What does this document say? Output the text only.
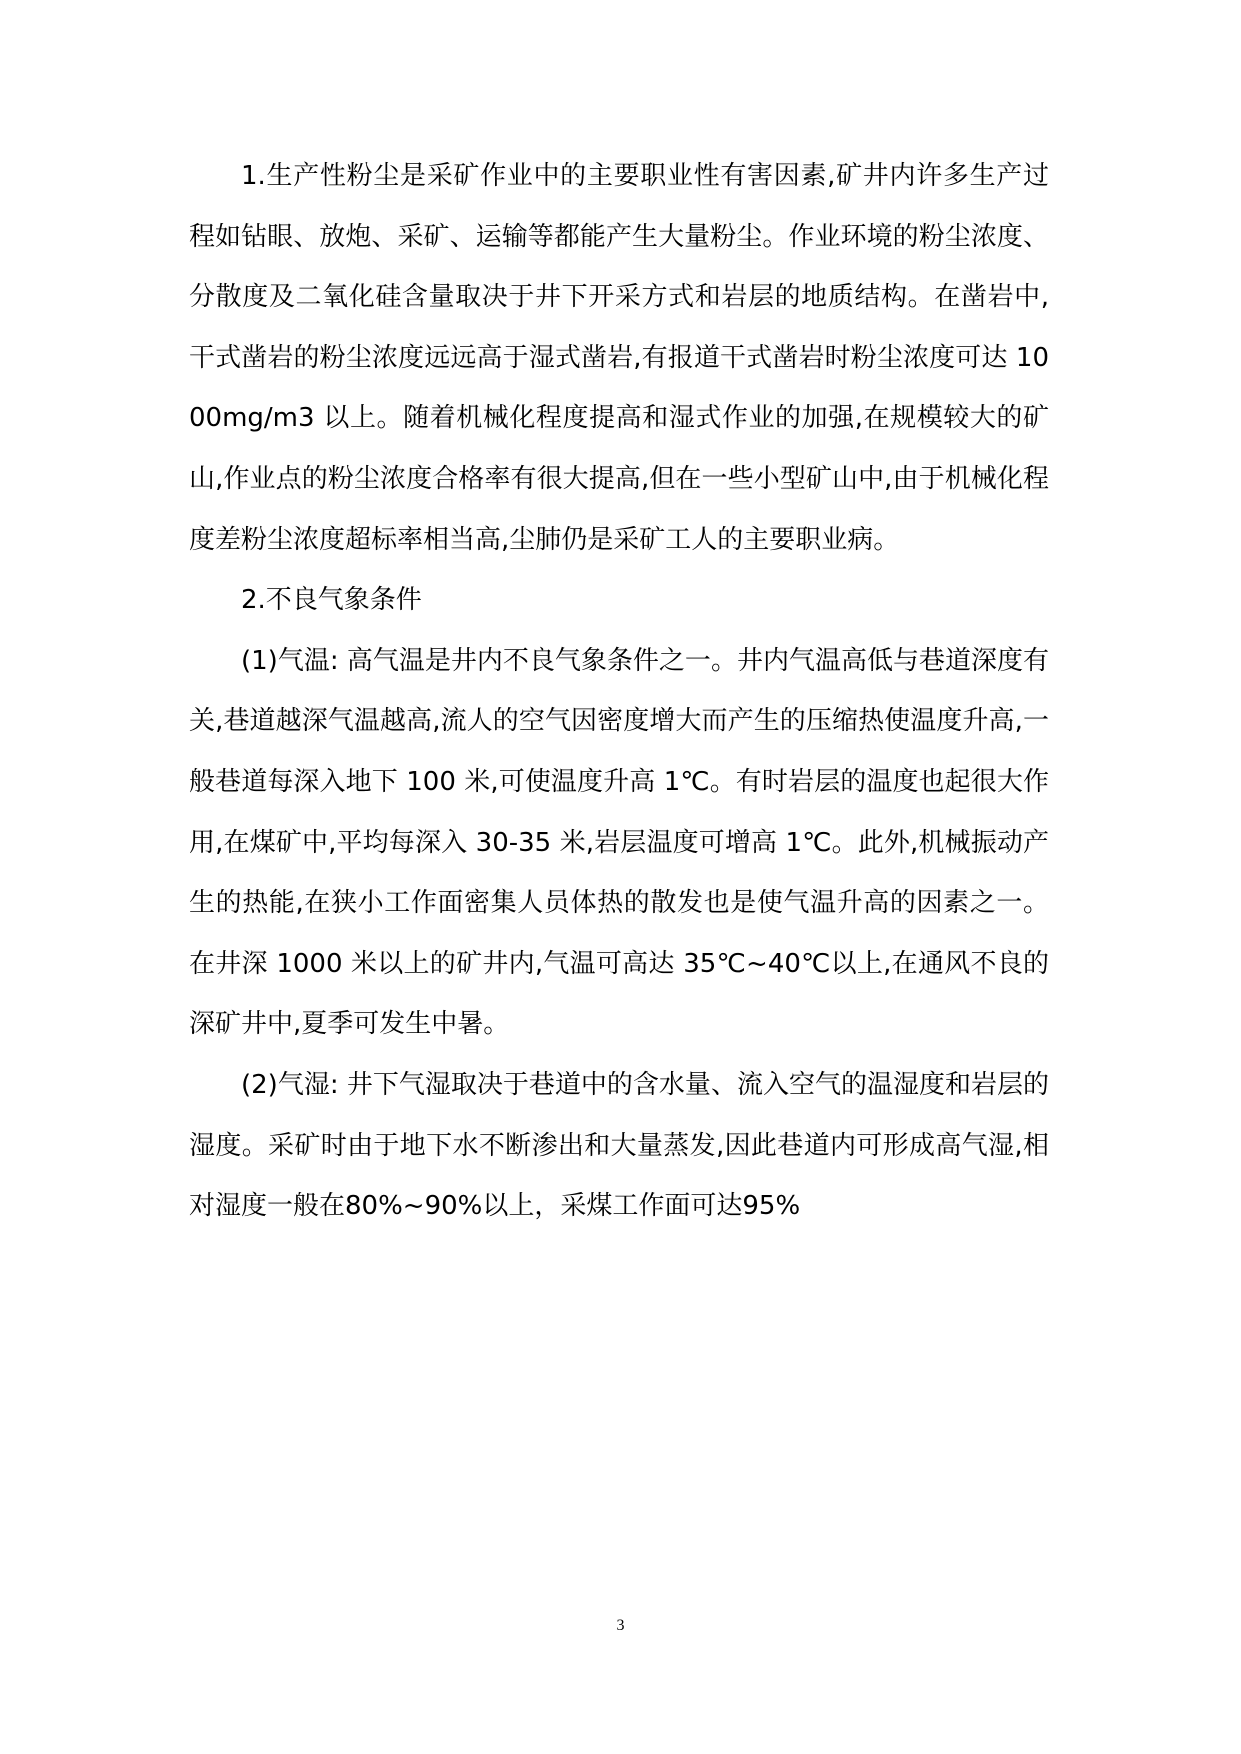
1.生产性粉尘是采矿作业中的主要职业性有害因素,矿井内许多生产过程如钻眼、放炮、采矿、运输等都能产生大量粉尘。作业环境的粉尘浓度、分散度及二氧化硅含量取决于井下开采方式和岩层的地质结构。在凿岩中,干式凿岩的粉尘浓度远远高于湿式凿岩,有报道干式凿岩时粉尘浓度可达 1000mg/m3 以上。随着机械化程度提高和湿式作业的加强,在规模较大的矿山,作业点的粉尘浓度合格率有很大提高,但在一些小型矿山中,由于机械化程度差粉尘浓度超标率相当高,尘肺仍是采矿工人的主要职业病。

2.不良气象条件

(1)气温: 高气温是井内不良气象条件之一。井内气温高低与巷道深度有关,巷道越深气温越高,流人的空气因密度增大而产生的压缩热使温度升高,一般巷道每深入地下 100 米,可使温度升高 1℃。有时岩层的温度也起很大作用,在煤矿中,平均每深入 30-35 米,岩层温度可增高 1℃。此外,机械振动产生的热能,在狭小工作面密集人员体热的散发也是使气温升高的因素之一。在井深 1000 米以上的矿井内,气温可高达 35℃~40℃以上,在通风不良的深矿井中,夏季可发生中暑。

(2)气湿: 井下气湿取决于巷道中的含水量、流入空气的温湿度和岩层的湿度。采矿时由于地下水不断渗出和大量蒸发,因此巷道内可形成高气湿,相对湿度一般在80%~90%以上，采煤工作面可达95%

3
